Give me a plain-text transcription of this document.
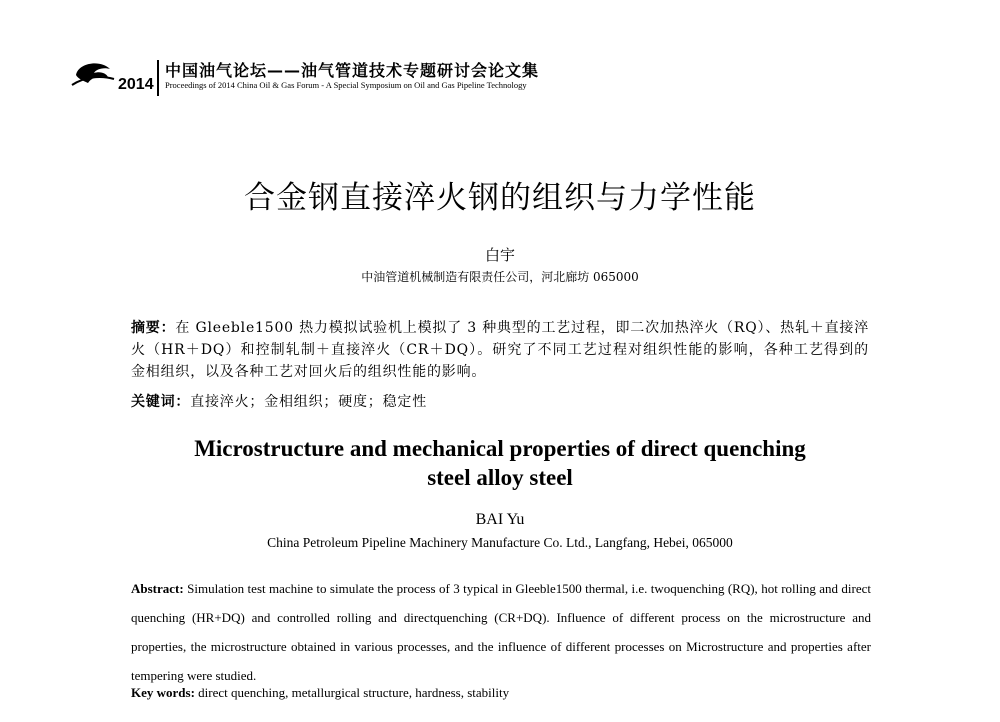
2014
中国油气论坛——油气管道技术专题研讨会论文集
Proceedings of 2014 China Oil & Gas Forum - A Special Symposium on Oil and Gas Pipeline Technology
合金钢直接淬火钢的组织与力学性能
白宇
中油管道机械制造有限责任公司，河北廊坊 065000
摘要：在 Gleeble1500 热力模拟试验机上模拟了 3 种典型的工艺过程，即二次加热淬火（RQ）、热轧＋直接淬火（HR＋DQ）和控制轧制＋直接淬火（CR＋DQ）。研究了不同工艺过程对组织性能的影响，各种工艺得到的金相组织，以及各种工艺对回火后的组织性能的影响。
关键词：直接淬火；金相组织；硬度；稳定性
Microstructure and mechanical properties of direct quenching
steel alloy steel
BAI Yu
China Petroleum Pipeline Machinery Manufacture Co. Ltd., Langfang, Hebei, 065000
Abstract: Simulation test machine to simulate the process of 3 typical in Gleeble1500 thermal, i.e. twoquenching (RQ), hot rolling and direct quenching (HR+DQ) and controlled rolling and directquenching (CR+DQ). Influence of different process on the microstructure and properties, the microstructure obtained in various processes, and the influence of different processes on Microstructure and properties after tempering were studied.
Key words: direct quenching, metallurgical structure, hardness, stability
